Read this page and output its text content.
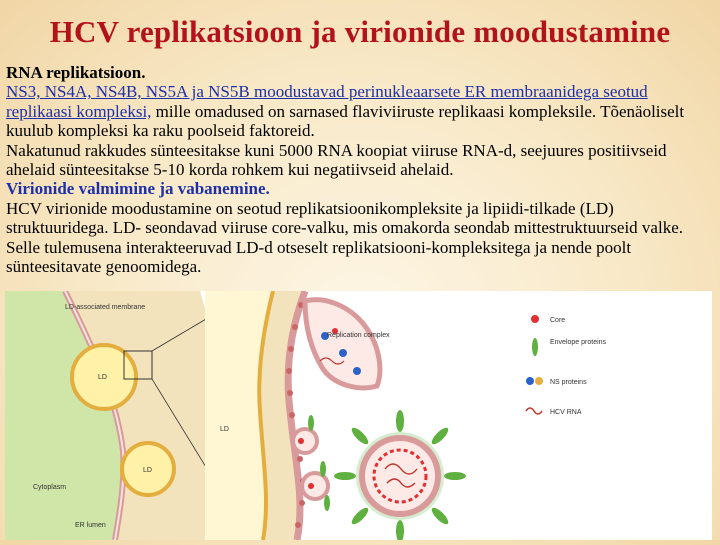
HCV replikatsioon ja virionide moodustamine

RNA replikatsioon.

NS3, NS4A, NS4B, NS5A ja NS5B moodustavad perinukleaarsete ER membraanidega seotud replikaasi kompleksi, mille omadused on sarnased flaviviiruste replikaasi kompleksile. Tõenäoliselt kuulub kompleksi ka raku poolseid faktoreid.

Nakatunud rakkudes sünteesitakse kuni 5000 RNA koopiat viiruse RNA-d, seejuures positiivseid ahelaid sünteesitakse 5-10 korda rohkem kui negatiivseid ahelaid.

Virionide valmimine ja vabanemine.

HCV virionide moodustamine on seotud replikatsioonikompleksite ja lipiidi-tilkade (LD) struktuuridega. LD- seondavad viiruse core-valku, mis omakorda seondab mittestruktuurseid valke. Selle tulemusena interakteeruvad LD-d otseselt replikatsiooni-kompleksitega ja nende poolt sünteesitavate genoomidega.

LD-associated membrane
LD
LD
LD
Cytoplasm
ER lumen
Replication complex
Core
Envelope proteins
NS proteins
HCV RNA
